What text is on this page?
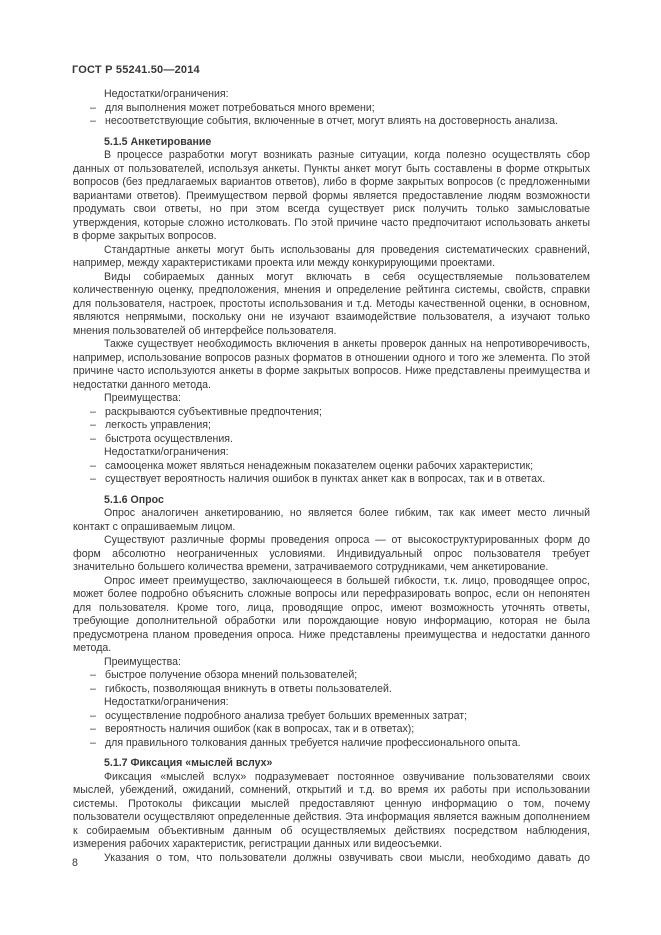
ГОСТ Р 55241.50—2014
Недостатки/ограничения:
– для выполнения может потребоваться много времени;
– несоответствующие события, включенные в отчет, могут влиять на достоверность анализа.
5.1.5 Анкетирование
В процессе разработки могут возникать разные ситуации, когда полезно осуществлять сбор данных от пользователей, используя анкеты. Пункты анкет могут быть составлены в форме открытых вопросов (без предлагаемых вариантов ответов), либо в форме закрытых вопросов (с предложенными вариантами ответов). Преимуществом первой формы является предоставление людям возможности продумать свои ответы, но при этом всегда существует риск получить только замысловатые утверждения, которые сложно истолковать. По этой причине часто предпочитают использовать анкеты в форме закрытых вопросов.
Стандартные анкеты могут быть использованы для проведения систематических сравнений, например, между характеристиками проекта или между конкурирующими проектами.
Виды собираемых данных могут включать в себя осуществляемые пользователем количественную оценку, предположения, мнения и определение рейтинга системы, свойств, справки для пользователя, настроек, простоты использования и т.д. Методы качественной оценки, в основном, являются непрямыми, поскольку они не изучают взаимодействие пользователя, а изучают только мнения пользователей об интерфейсе пользователя.
Также существует необходимость включения в анкеты проверок данных на непротиворечивость, например, использование вопросов разных форматов в отношении одного и того же элемента. По этой причине часто используются анкеты в форме закрытых вопросов. Ниже представлены преимущества и недостатки данного метода.
Преимущества:
– раскрываются субъективные предпочтения;
– легкость управления;
– быстрота осуществления.
Недостатки/ограничения:
– самооценка может являться ненадежным показателем оценки рабочих характеристик;
– существует вероятность наличия ошибок в пунктах анкет как в вопросах, так и в ответах.
5.1.6 Опрос
Опрос аналогичен анкетированию, но является более гибким, так как имеет место личный контакт с опрашиваемым лицом.
Существуют различные формы проведения опроса — от высокоструктурированных форм до форм абсолютно неограниченных условиями. Индивидуальный опрос пользователя требует значительно большего количества времени, затрачиваемого сотрудниками, чем анкетирование.
Опрос имеет преимущество, заключающееся в большей гибкости, т.к. лицо, проводящее опрос, может более подробно объяснить сложные вопросы или перефразировать вопрос, если он непонятен для пользователя. Кроме того, лица, проводящие опрос, имеют возможность уточнять ответы, требующие дополнительной обработки или порождающие новую информацию, которая не была предусмотрена планом проведения опроса. Ниже представлены преимущества и недостатки данного метода.
Преимущества:
– быстрое получение обзора мнений пользователей;
– гибкость, позволяющая вникнуть в ответы пользователей.
Недостатки/ограничения:
– осуществление подробного анализа требует больших временных затрат;
– вероятность наличия ошибок (как в вопросах, так и в ответах);
– для правильного толкования данных требуется наличие профессионального опыта.
5.1.7 Фиксация «мыслей вслух»
Фиксация «мыслей вслух» подразумевает постоянное озвучивание пользователями своих мыслей, убеждений, ожиданий, сомнений, открытий и т.д. во время их работы при использовании системы. Протоколы фиксации мыслей предоставляют ценную информацию о том, почему пользователи осуществляют определенные действия. Эта информация является важным дополнением к собираемым объективным данным об осуществляемых действиях посредством наблюдения, измерения рабочих характеристик, регистрации данных или видеосъемки.
Указания о том, что пользователи должны озвучивать свои мысли, необходимо давать до
8
